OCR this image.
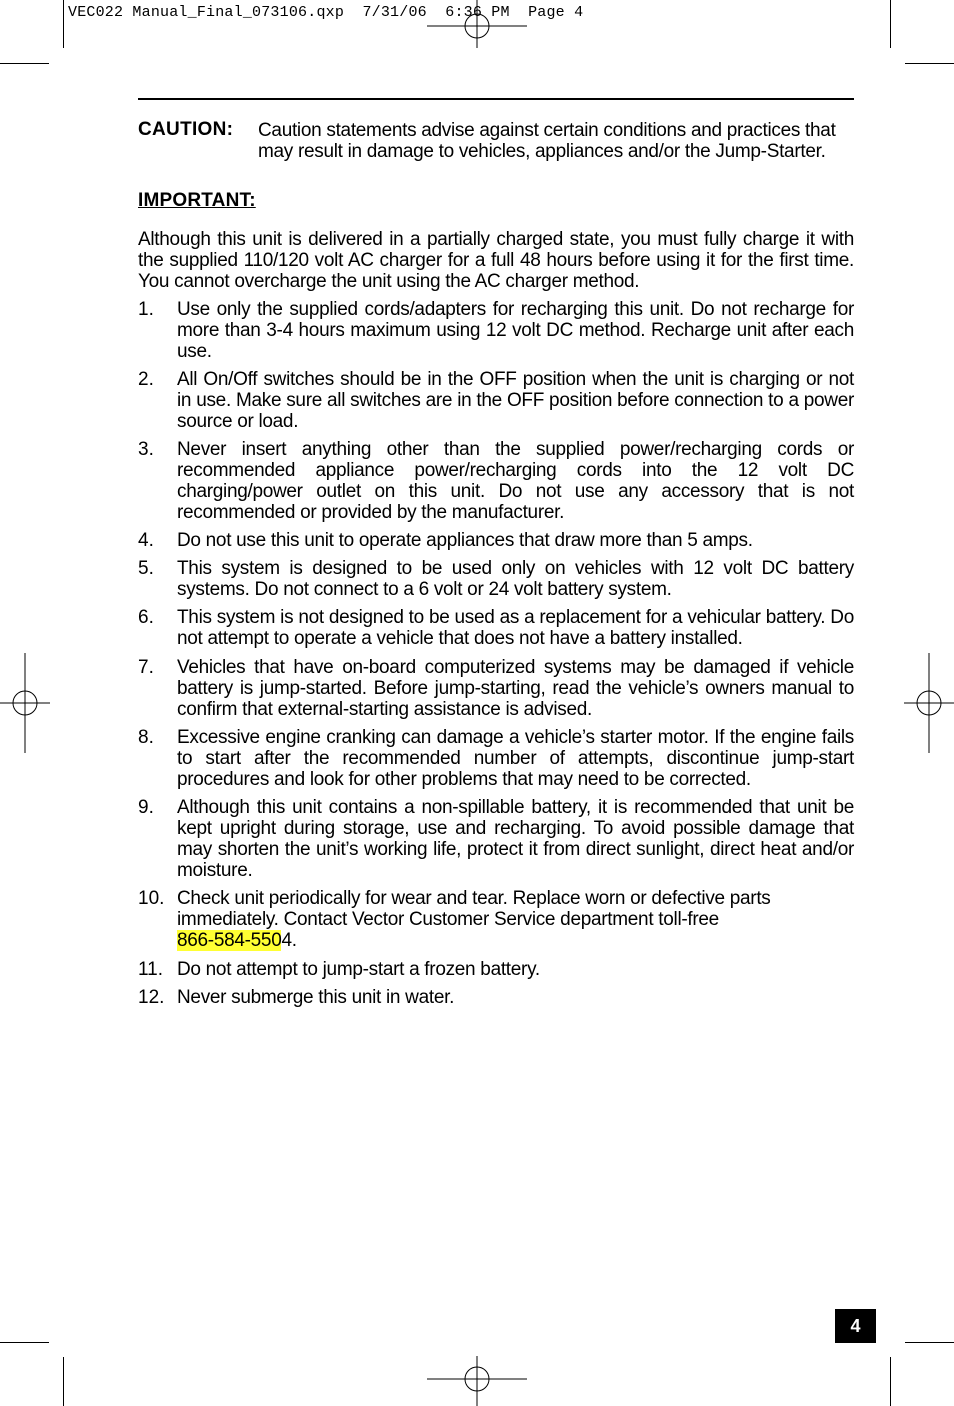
VEC022 Manual_Final_073106.qxp  7/31/06  6:36 PM  Page 4
CAUTION: Caution statements advise against certain conditions and practices that may result in damage to vehicles, appliances and/or the Jump-Starter.
IMPORTANT:
Although this unit is delivered in a partially charged state, you must fully charge it with the supplied 110/120 volt AC charger for a full 48 hours before using it for the first time. You cannot overcharge the unit using the AC charger method.
1.	Use only the supplied cords/adapters for recharging this unit. Do not recharge for more than 3-4 hours maximum using 12 volt DC method. Recharge unit after each use.
2.	All On/Off switches should be in the OFF position when the unit is charging or not in use. Make sure all switches are in the OFF position before connection to a power source or load.
3.	Never insert anything other than the supplied power/recharging cords or recommended appliance power/recharging cords into the 12 volt DC charging/power outlet on this unit. Do not use any accessory that is not recommended or provided by the manufacturer.
4.	Do not use this unit to operate appliances that draw more than 5 amps.
5.	This system is designed to be used only on vehicles with 12 volt DC battery systems. Do not connect to a 6 volt or 24 volt battery system.
6.	This system is not designed to be used as a replacement for a vehicular battery. Do not attempt to operate a vehicle that does not have a battery installed.
7.	Vehicles that have on-board computerized systems may be damaged if vehicle battery is jump-started. Before jump-starting, read the vehicle’s owners manual to confirm that external-starting assistance is advised.
8.	Excessive engine cranking can damage a vehicle’s starter motor. If the engine fails to start after the recommended number of attempts, discontinue jump-start procedures and look for other problems that may need to be corrected.
9.	Although this unit contains a non-spillable battery, it is recommended that unit be kept upright during storage, use and recharging. To avoid possible damage that may shorten the unit’s working life, protect it from direct sunlight, direct heat and/or moisture.
10. Check unit periodically for wear and tear. Replace worn or defective parts
immediately. Contact Vector Customer Service department toll-free
866-584-5504.
11. Do not attempt to jump-start a frozen battery.
12. Never submerge this unit in water.
4
